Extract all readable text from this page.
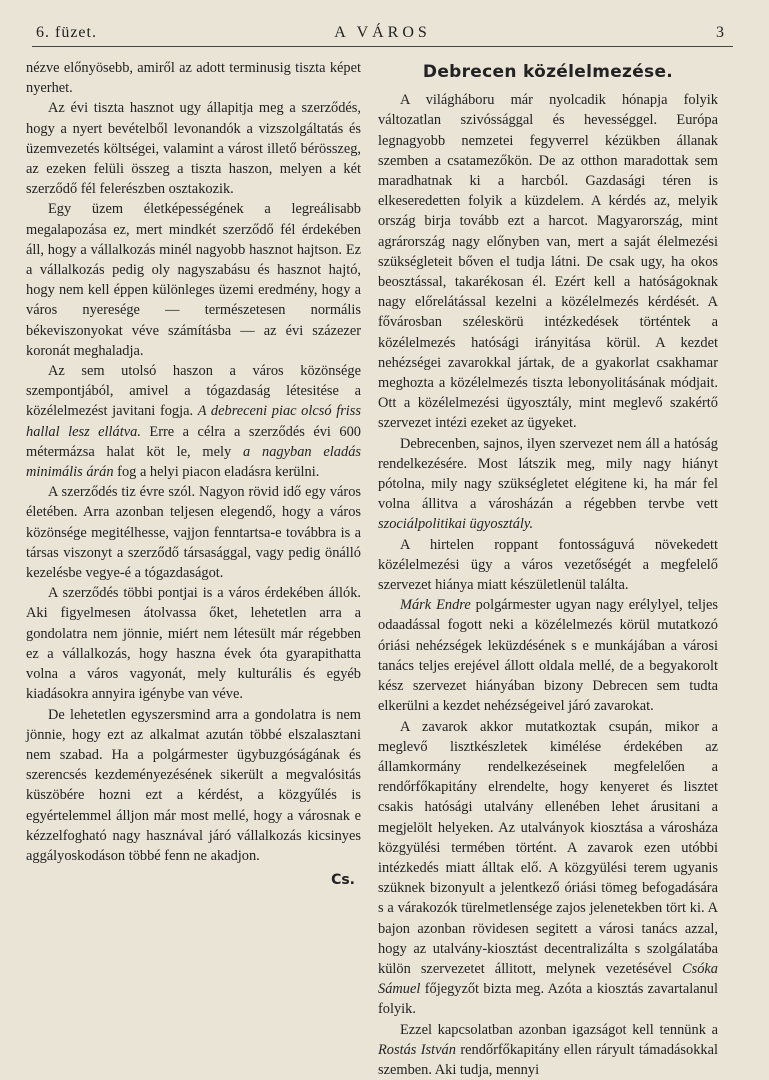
6. füzet.	A VÁROS	3

nézve előnyösebb, amiről az adott terminusig tiszta képet nyerhet.

Az évi tiszta hasznot ugy állapitja meg a szerződés, hogy a nyert bevételből levonandók a vizszolgáltatás és üzemvezetés költségei, valamint a várost illető bérösszeg, az ezeken felüli összeg a tiszta haszon, melyen a két szerződő fél felerészben osztakozik.

Egy üzem életképességének a legreálisabb megalapozása ez, mert mindkét szerződő fél érdekében áll, hogy a vállalkozás minél nagyobb hasznot hajtson. Ez a vállalkozás pedig oly nagyszabásu és hasznot hajtó, hogy nem kell éppen különleges üzemi eredmény, hogy a város nyeresége — természetesen normális békeviszonyokat véve számításba — az évi százezer koronát meghaladja.

Az sem utolsó haszon a város közönsége szempontjából, amivel a tógazdaság létesitése a közélelmezést javitani fogja. A debreceni piac olcsó friss hallal lesz ellátva. Erre a célra a szerződés évi 600 métermázsa halat köt le, mely a nagyban eladás minimális árán fog a helyi piacon eladásra kerülni.

A szerződés tiz évre szól. Nagyon rövid idő egy város életében. Arra azonban teljesen elegendő, hogy a város közönsége megitélhesse, vajjon fenntartsa-e továbbra is a társas viszonyt a szerződő társasággal, vagy pedig önálló kezelésbe vegye-é a tógazdaságot.

A szerződés többi pontjai is a város érdekében állók. Aki figyelmesen átolvassa őket, lehetetlen arra a gondolatra nem jönnie, miért nem létesült már régebben ez a vállalkozás, hogy haszna évek óta gyarapithatta volna a város vagyonát, mely kulturális és egyéb kiadásokra annyira igénybe van véve.

De lehetetlen egyszersmind arra a gondolatra is nem jönnie, hogy ezt az alkalmat azután többé elszalasztani nem szabad. Ha a polgármester ügybuzgóságának és szerencsés kezdeményezésének sikerült a megvalósitás küszöbére hozni ezt a kérdést, a közgyűlés is egyértelemmel álljon már most mellé, hogy a városnak e kézzelfogható nagy hasznával járó vállalkozás kicsinyes aggályoskodáson többé fenn ne akadjon.

Cs.
Debrecen közélelmezése.

A világháboru már nyolcadik hónapja folyik változatlan szivóssággal és hevességgel. Európa legnagyobb nemzetei fegyverrel kézükben állanak szemben a csatamezőkön. De az otthon maradottak sem maradhatnak ki a harcból. Gazdasági téren is elkeseredetten folyik a küzdelem. A kérdés az, melyik ország birja tovább ezt a harcot. Magyarország, mint agrárország nagy előnyben van, mert a saját élelmezési szükségleteit bőven el tudja látni. De csak ugy, ha okos beosztással, takarékosan él. Ezért kell a hatóságoknak nagy előrelátással kezelni a közélelmezés kérdését. A fővárosban széleskörü intézkedések történtek a közélelmezés hatósági irányitása körül. A kezdet nehézségei zavarokkal jártak, de a gyakorlat csakhamar meghozta a közélelmezés tiszta lebonyolitásának módjait. Ott a közélelmezési ügyosztály, mint meglevő szakértő szervezet intézi ezeket az ügyeket.

Debrecenben, sajnos, ilyen szervezet nem áll a hatóság rendelkezésére. Most látszik meg, mily nagy hiányt pótolna, mily nagy szükségletet elégitene ki, ha már fel volna állitva a városházán a régebben tervbe vett szociálpolitikai ügyosztály.

A hirtelen roppant fontosságuvá növekedett közélelmezési ügy a város vezetőségét a megfelelő szervezet hiánya miatt készületlenül találta.

Márk Endre polgármester ugyan nagy erélylyel, teljes odaadással fogott neki a közélelmezés körül mutatkozó óriási nehézségek leküzdésének s e munkájában a városi tanács teljes erejével állott oldala mellé, de a begyakorolt kész szervezet hiányában bizony Debrecen sem tudta elkerülni a kezdet nehézségeivel járó zavarokat.

A zavarok akkor mutatkoztak csupán, mikor a meglevő lisztkészletek kimélése érdekében az államkormány rendelkezéseinek megfelelően a rendőrfőkapitány elrendelte, hogy kenyeret és lisztet csakis hatósági utalvány ellenében lehet árusitani a megjelölt helyeken. Az utalványok kiosztása a városháza közgyülési termében történt. A zavarok ezen utóbbi intézkedés miatt álltak elő. A közgyülési terem ugyanis szüknek bizonyult a jelentkező óriási tömeg befogadására s a várakozók türelmetlensége zajos jelenetekben tört ki. A bajon azonban rövidesen segitett a városi tanács azzal, hogy az utalvány-kiosztást decentralizálta s szolgálatába külön szervezetet állitott, melynek vezetésével Csóka Sámuel főjegyzőt bizta meg. Azóta a kiosztás zavartalanul folyik.

Ezzel kapcsolatban azonban igazságot kell tennünk a Rostás István rendőrfőkapitány ellen ráryult támadásokkal szemben. Aki tudja, mennyi
